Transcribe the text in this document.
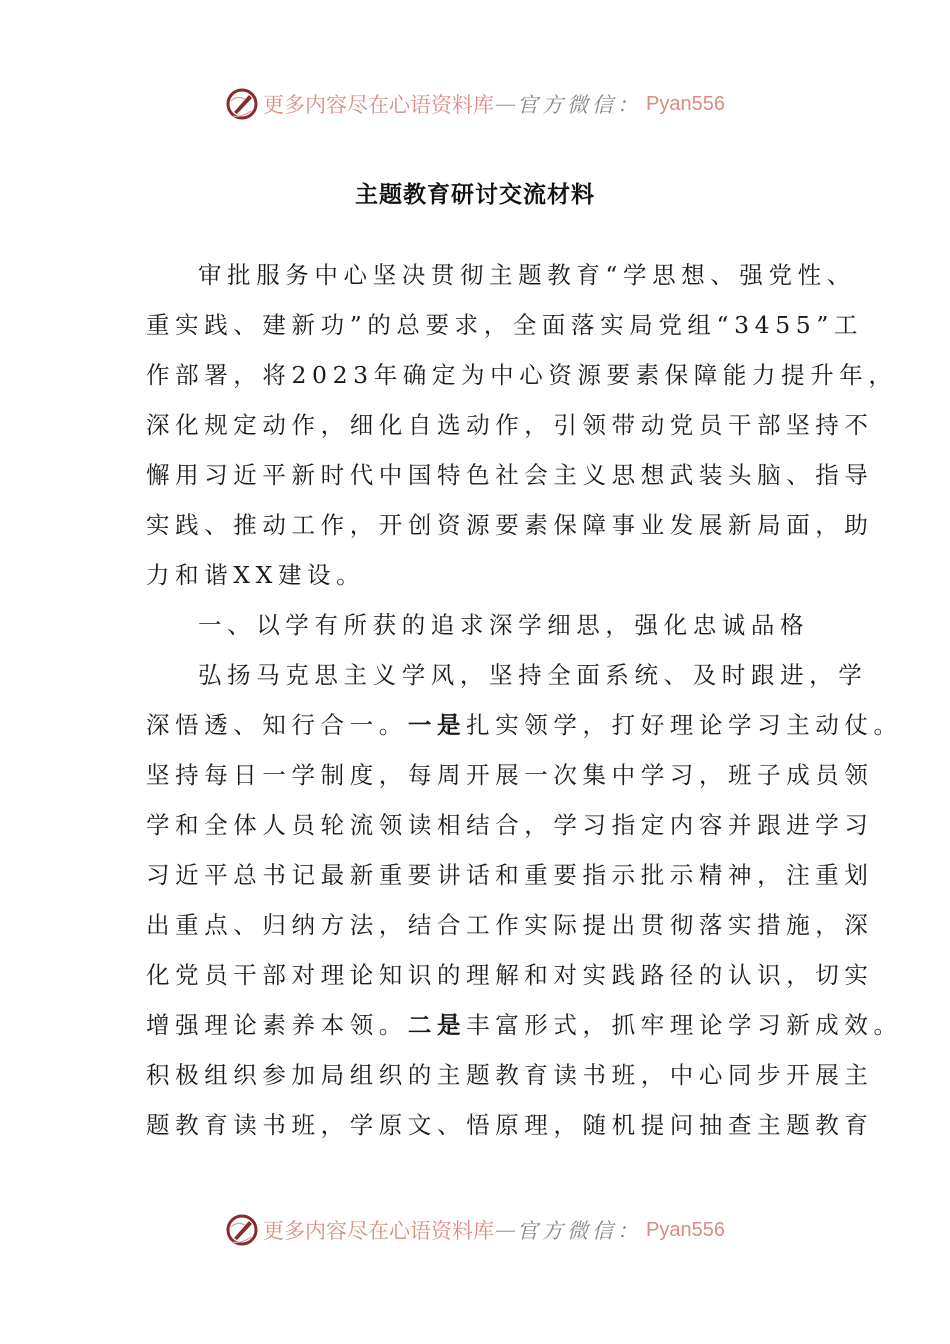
更多内容尽在心语资料库 — 官方微信： Pyan556
主题教育研讨交流材料
审批服务中心坚决贯彻主题教育“学思想、强党性、
重实践、建新功”的总要求，全面落实局党组“3455”工
作部署，将2023年确定为中心资源要素保障能力提升年，
深化规定动作，细化自选动作，引领带动党员干部坚持不
懈用习近平新时代中国特色社会主义思想武装头脑、指导
实践、推动工作，开创资源要素保障事业发展新局面，助
力和谐XX建设。
一、以学有所获的追求深学细思，强化忠诚品格
弘扬马克思主义学风，坚持全面系统、及时跟进，学
深悟透、知行合一。一是扎实领学，打好理论学习主动仗。
坚持每日一学制度，每周开展一次集中学习，班子成员领
学和全体人员轮流领读相结合，学习指定内容并跟进学习
习近平总书记最新重要讲话和重要指示批示精神，注重划
出重点、归纳方法，结合工作实际提出贯彻落实措施，深
化党员干部对理论知识的理解和对实践路径的认识，切实
增强理论素养本领。二是丰富形式，抓牢理论学习新成效。
积极组织参加局组织的主题教育读书班，中心同步开展主
题教育读书班，学原文、悟原理，随机提问抽查主题教育
更多内容尽在心语资料库 — 官方微信： Pyan556
